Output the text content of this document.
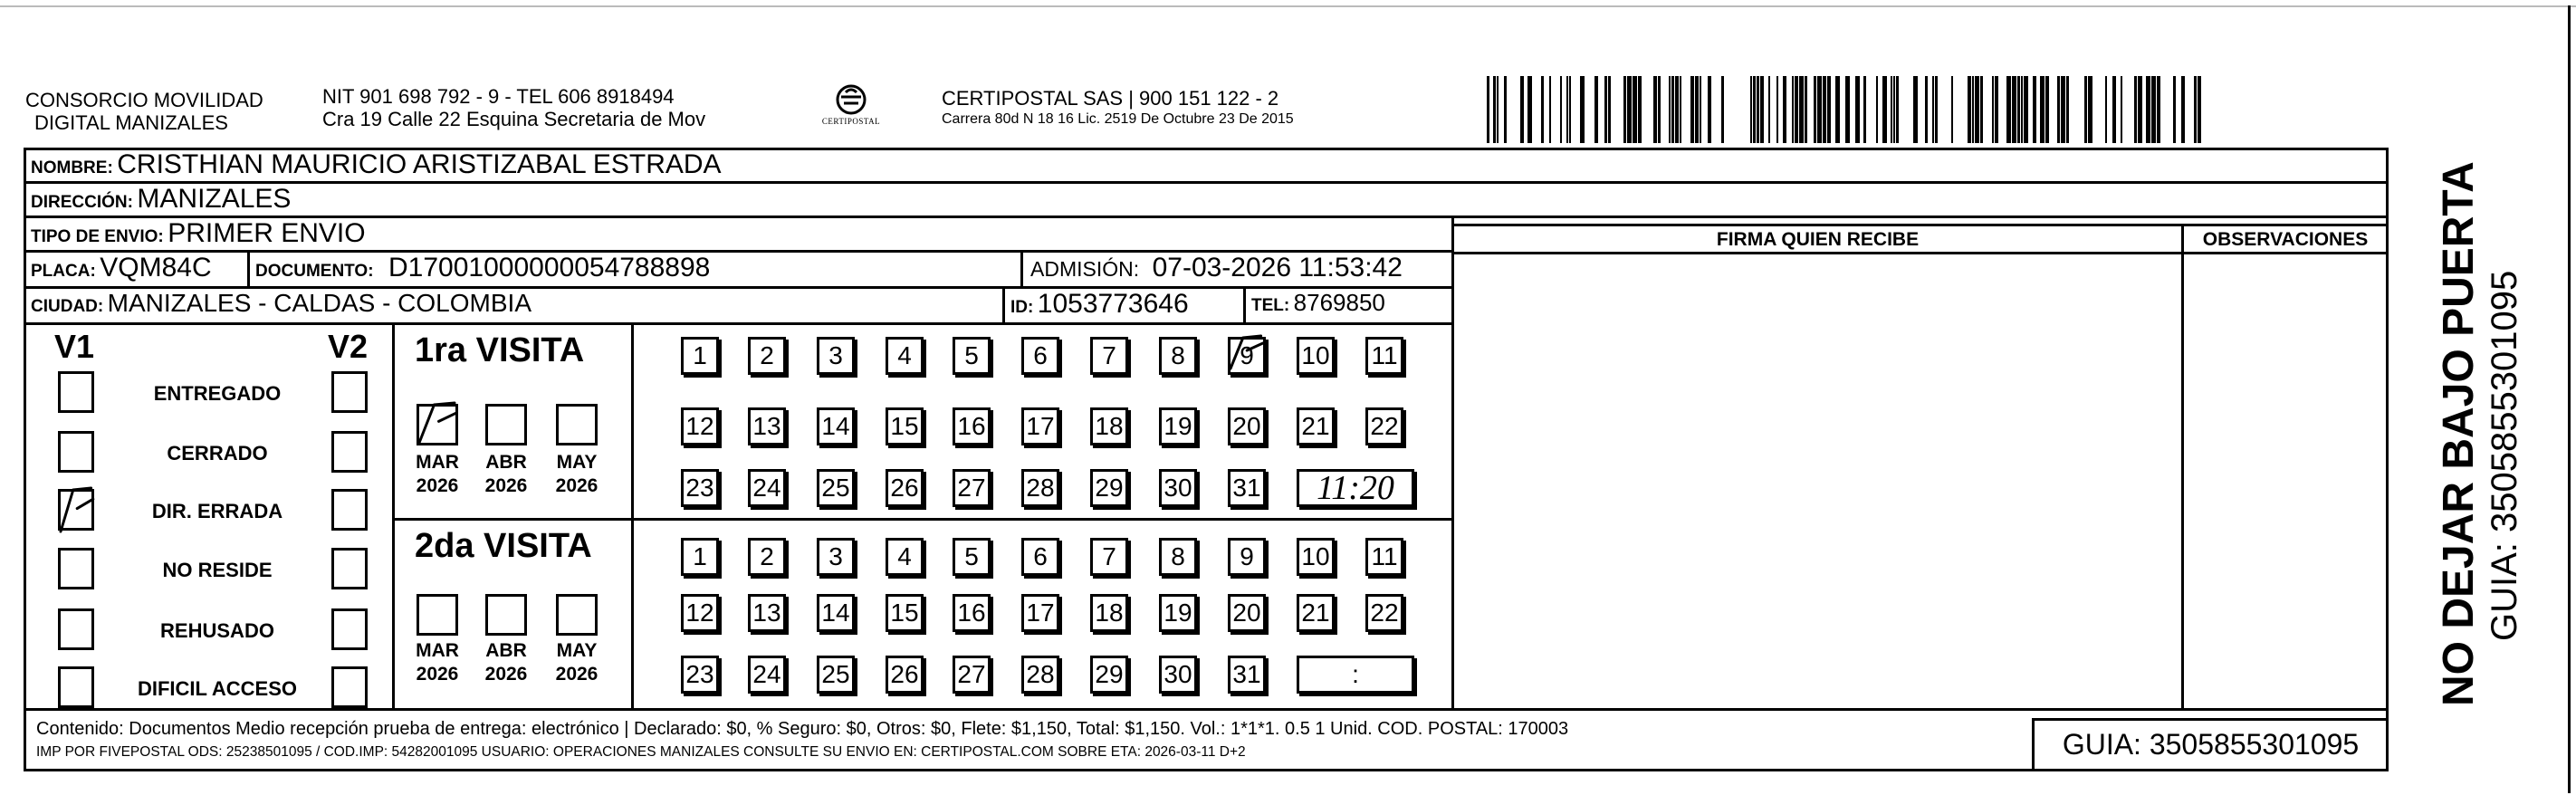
CONSORCIO MOVILIDAD
DIGITAL MANIZALES
NIT 901 698 792 - 9 - TEL 606 8918494
Cra 19 Calle 22 Esquina Secretaria de Mov	CERTIPOSTAL
CERTIPOSTAL SAS | 900 151 122 - 2
Carrera 80d N 18 16 Lic. 2519 De Octubre 23 De 2015
NOMBRE: CRISTHIAN MAURICIO ARISTIZABAL ESTRADA
DIRECCIÓN: MANIZALES
TIPO DE ENVIO: PRIMER ENVIO	FIRMA QUIEN RECIBE	OBSERVACIONES
PLACA: VQM84C	DOCUMENTO: D17001000000054788898	ADMISIÓN: 07-03-2026 11:53:42
CIUDAD: MANIZALES - CALDAS - COLOMBIA	ID: 1053773646	TEL: 8769850
V1	V2
ENTREGADO
CERRADO
DIR. ERRADA
NO RESIDE
REHUSADO
DIFICIL ACCESO
1ra VISITA
MAR
2026
ABR
2026
MAY
2026
1	2	3	4	5	6	7	8	9	10 11
12 13 14 15 16 17 18 19 20 21 22
23 24 25 26 27 28 29 30 31	11:20
2da VISITA
MAR
2026
ABR
2026
MAY
2026
1	2	3	4	5	6	7	8	9	10 11
12 13 14 15 16 17 18 19 20 21 22
23 24 25 26 27 28 29 30 31	:
Contenido: Documentos Medio recepción prueba de entrega: electrónico | Declarado: $0, % Seguro: $0, Otros: $0, Flete: $1,150, Total: $1,150. Vol.: 1*1*1. 0.5 1 Unid. COD. POSTAL: 170003
IMP POR FIVEPOSTAL ODS: 25238501095 / COD.IMP: 54282001095 USUARIO: OPERACIONES MANIZALES CONSULTE SU ENVIO EN: CERTIPOSTAL.COM SOBRE ETA: 2026-03-11 D+2	GUIA: 3505855301095
NO DEJAR BAJO PUERTA GUIA: 3505855301095
